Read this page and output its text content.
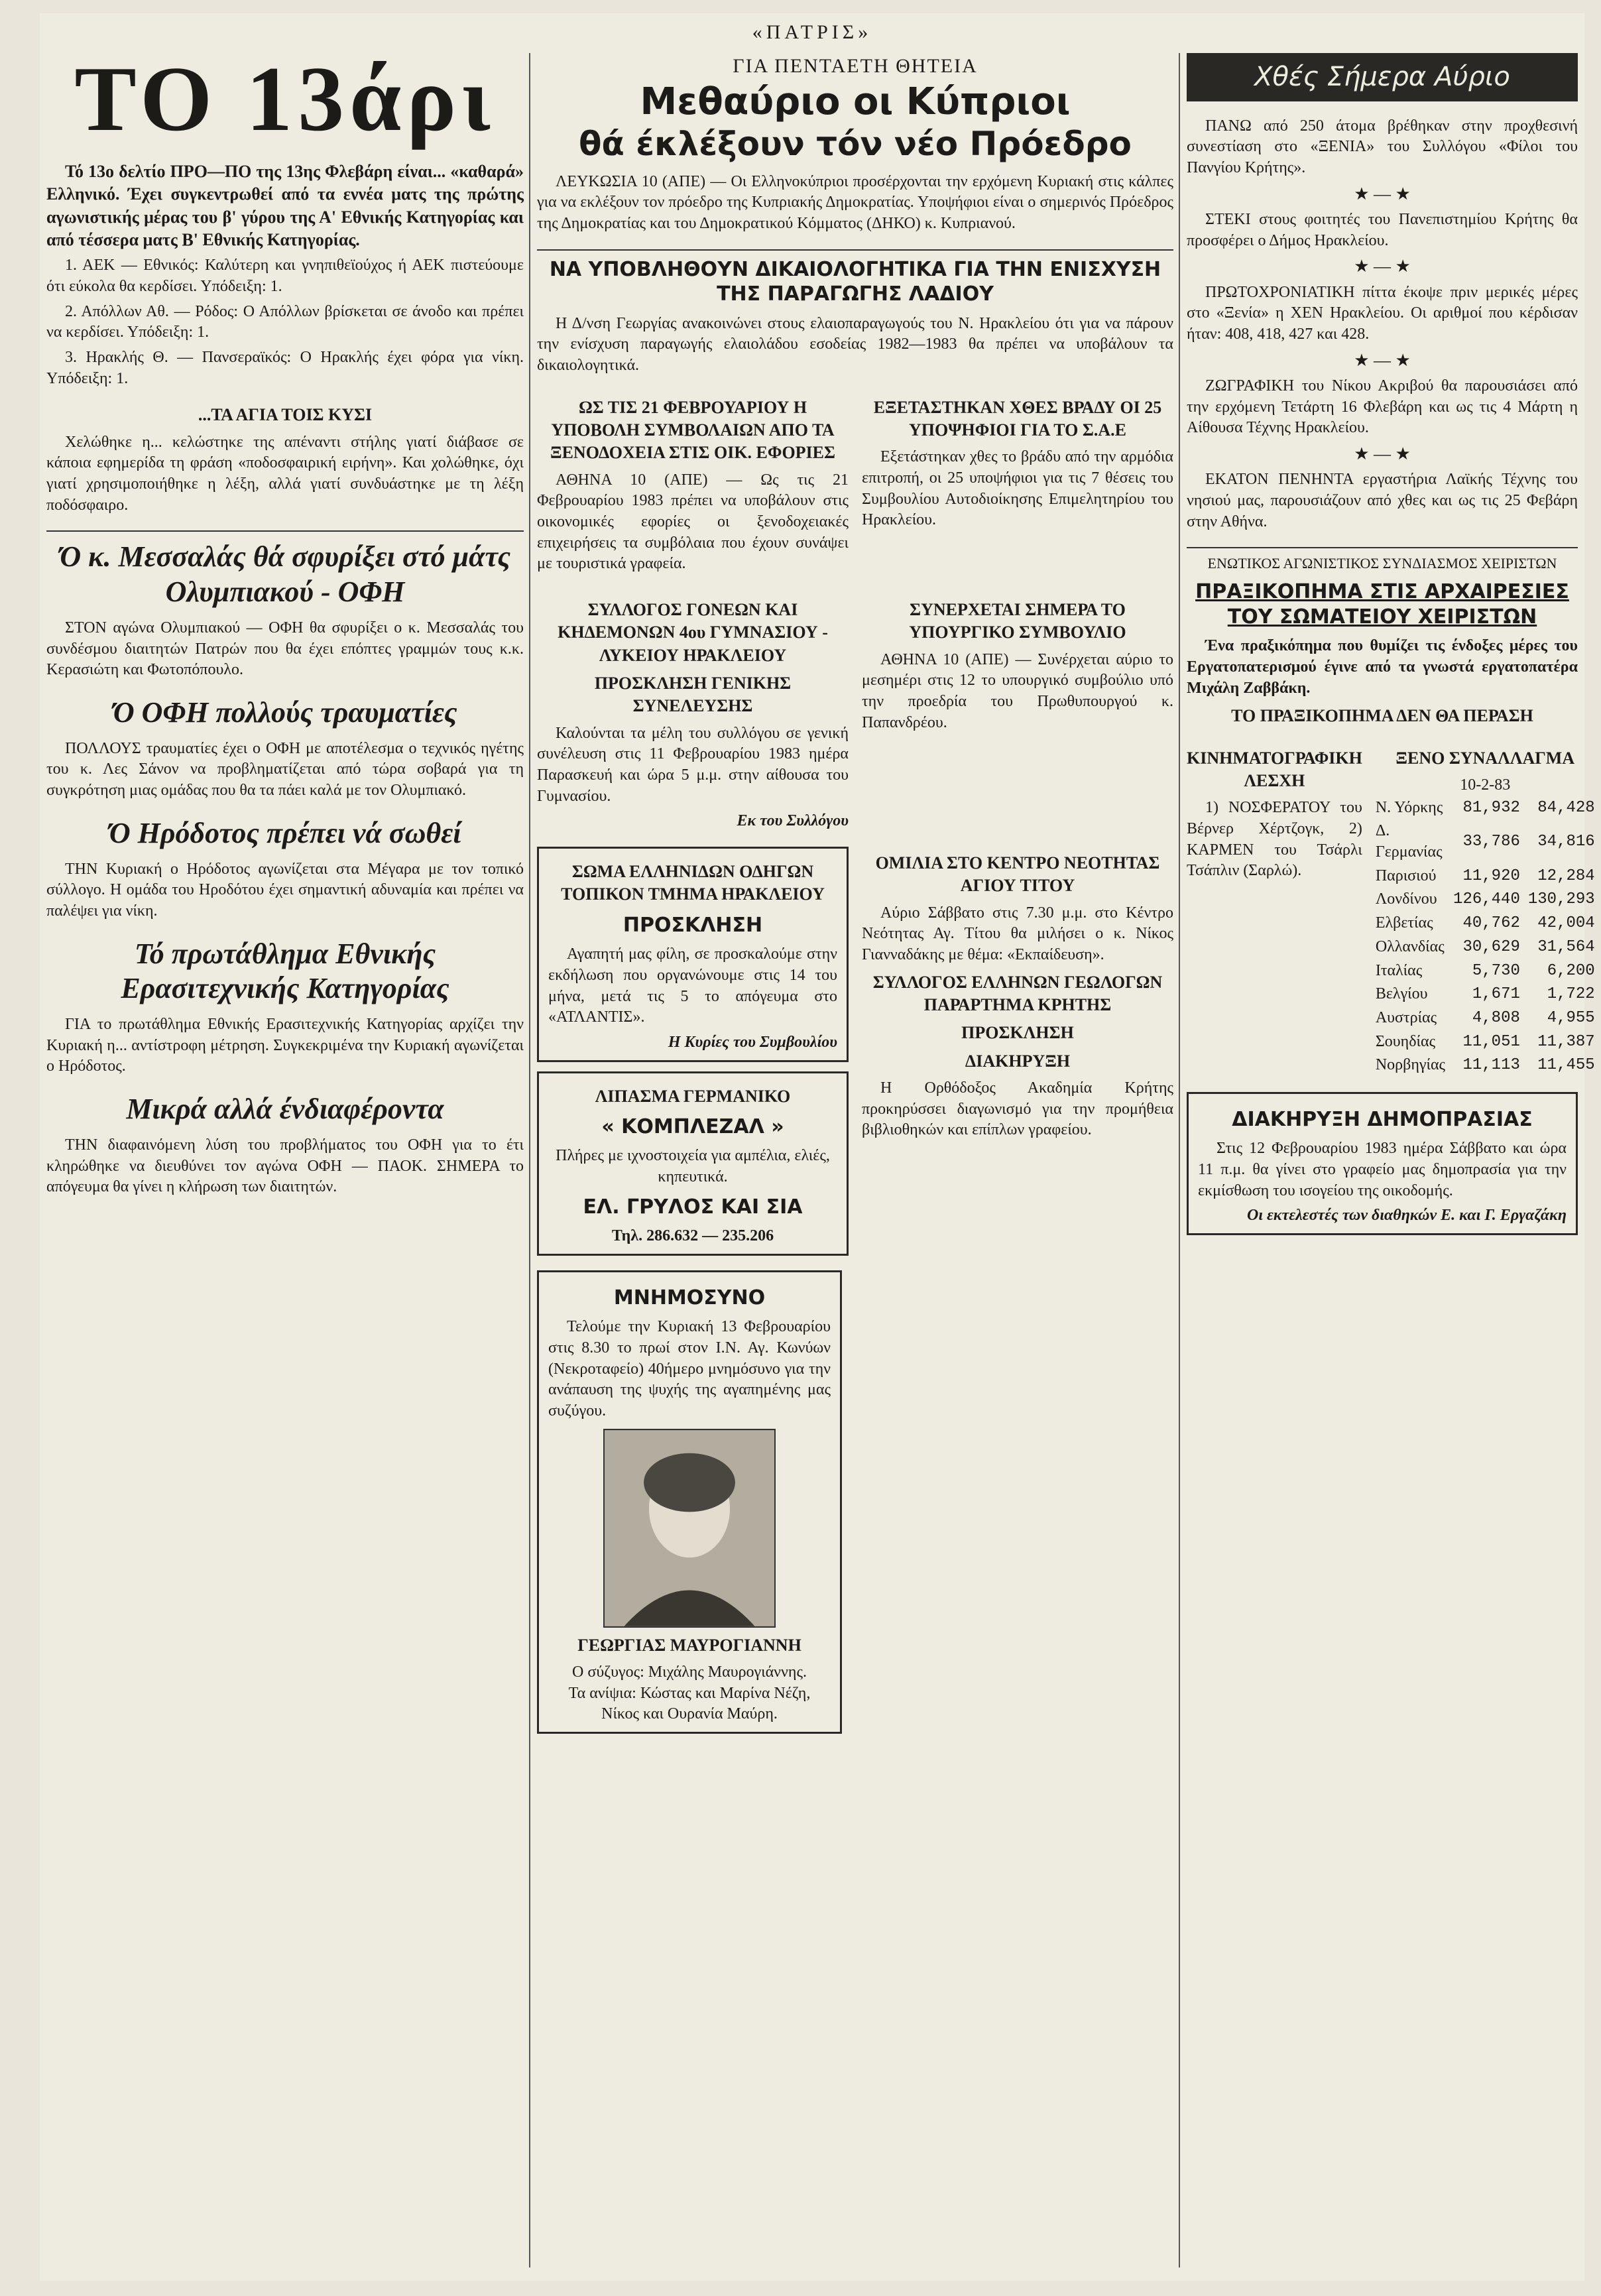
«ΠΑΤΡΙΣ»
ΤΟ 13άρι

Τό 13ο δελτίο ΠΡΟ—ΠΟ της 13ης Φλεβάρη είναι... «καθαρά» Ελληνικό. Έχει συγκεντρωθεί από τα εννέα ματς της πρώτης αγωνιστικής μέρας του β' γύρου της Α' Εθνικής Κατηγορίας και από τέσσερα ματς Β' Εθνικής Κατηγορίας.

1. ΑΕΚ — Εθνικός: Καλύτερη και γνηπιθεϊούχος ή ΑΕΚ πιστεύουμε ότι εύκολα θα κερδίσει. Υπόδειξη: 1.

2. Απόλλων Αθ. — Ρόδος: Ο Απόλλων βρίσκεται σε άνοδο και πρέπει να κερδίσει. Υπόδειξη: 1.

3. Ηρακλής Θ. — Πανσεραϊκός: Ο Ηρακλής έχει φόρα για νίκη. Υπόδειξη: 1.

...ΤΑ ΑΓΙΑ ΤΟΙΣ ΚΥΣΙ

Χελώθηκε η... κελώστηκε της απέναντι στήλης γιατί διάβασε σε κάποια εφημερίδα τη φράση «ποδοσφαιρική ειρήνη». Και χολώθηκε, όχι γιατί χρησιμοποιήθηκε η λέξη, αλλά γιατί συνδυάστηκε με τη λέξη ποδόσφαιρο.

Ό κ. Μεσσαλάς θά σφυρίξει στό μάτς Ολυμπιακού - ΟΦΗ

ΣΤΟΝ αγώνα Ολυμπιακού — ΟΦΗ θα σφυρίξει ο κ. Μεσσαλάς του συνδέσμου διαιτητών Πατρών που θα έχει επόπτες γραμμών τους κ.κ. Κερασιώτη και Φωτοπόπουλο.

Ό ΟΦΗ πολλούς τραυματίες

ΠΟΛΛΟΥΣ τραυματίες έχει ο ΟΦΗ με αποτέλεσμα ο τεχνικός ηγέτης του κ. Λες Σάνον να προβληματίζεται από τώρα σοβαρά για τη συγκρότηση μιας ομάδας που θα τα πάει καλά με τον Ολυμπιακό.

Ό Ηρόδοτος πρέπει νά σωθεί

ΤΗΝ Κυριακή ο Ηρόδοτος αγωνίζεται στα Μέγαρα με τον τοπικό σύλλογο. Η ομάδα του Ηροδότου έχει σημαντική αδυναμία και πρέπει να παλέψει για νίκη.

Τό πρωτάθλημα Εθνικής Ερασιτεχνικής Κατηγορίας

ΓΙΑ το πρωτάθλημα Εθνικής Ερασιτεχνικής Κατηγορίας αρχίζει την Κυριακή η... αντίστροφη μέτρηση. Συγκεκριμένα την Κυριακή αγωνίζεται ο Ηρόδοτος.

Μικρά αλλά ένδιαφέροντα

ΤΗΝ διαφαινόμενη λύση του προβλήματος του ΟΦΗ για το έτι κληρώθηκε να διευθύνει τον αγώνα ΟΦΗ — ΠΑΟΚ. ΣΗΜΕΡΑ το απόγευμα θα γίνει η κλήρωση των διαιτητών.

ΓΙΑ ΠΕΝΤΑΕΤΗ ΘΗΤΕΙΑ
Μεθαύριο οι Κύπριοι
θά έκλέξουν τόν νέο Πρόεδρο

ΛΕΥΚΩΣΙΑ 10 (ΑΠΕ) — Οι Ελληνοκύπριοι προσέρχονται την ερχόμενη Κυριακή στις κάλπες για να εκλέξουν τον πρόεδρο της Κυπριακής Δημοκρατίας. Υποψήφιοι είναι ο σημερινός Πρόεδρος της Δημοκρατίας και του Δημοκρατικού Κόμματος (ΔΗΚΟ) κ. Κυπριανού.

ΝΑ ΥΠΟΒΛΗΘΟΥΝ ΔΙΚΑΙΟΛΟΓΗΤΙΚΑ ΓΙΑ ΤΗΝ ΕΝΙΣΧΥΣΗ ΤΗΣ ΠΑΡΑΓΩΓΗΣ ΛΑΔΙΟΥ

Η Δ/νση Γεωργίας ανακοινώνει στους ελαιοπαραγωγούς του Ν. Ηρακλείου ότι για να πάρουν την ενίσχυση παραγωγής ελαιολάδου εσοδείας 1982—1983 θα πρέπει να υποβάλουν τα δικαιολογητικά.

ΩΣ ΤΙΣ 21 ΦΕΒΡΟΥΑΡΙΟΥ Η ΥΠΟΒΟΛΗ ΣΥΜΒΟΛΑΙΩΝ ΑΠΟ ΤΑ ΞΕΝΟΔΟΧΕΙΑ ΣΤΙΣ ΟΙΚ. ΕΦΟΡΙΕΣ

ΑΘΗΝΑ 10 (ΑΠΕ) — Ως τις 21 Φεβρουαρίου 1983 πρέπει να υποβάλουν στις οικονομικές εφορίες οι ξενοδοχειακές επιχειρήσεις τα συμβόλαια που έχουν συνάψει με τουριστικά γραφεία.

ΕΞΕΤΑΣΤΗΚΑΝ ΧΘΕΣ ΒΡΑΔΥ ΟΙ 25 ΥΠΟΨΗΦΙΟΙ ΓΙΑ ΤΟ Σ.Α.Ε

Εξετάστηκαν χθες το βράδυ από την αρμόδια επιτροπή, οι 25 υποψήφιοι για τις 7 θέσεις του Συμβουλίου Αυτοδιοίκησης Επιμελητηρίου του Ηρακλείου.

ΣΥΛΛΟΓΟΣ ΓΟΝΕΩΝ ΚΑΙ ΚΗΔΕΜΟΝΩΝ 4ου ΓΥΜΝΑΣΙΟΥ - ΛΥΚΕΙΟΥ ΗΡΑΚΛΕΙΟΥ
ΠΡΟΣΚΛΗΣΗ ΓΕΝΙΚΗΣ ΣΥΝΕΛΕΥΣΗΣ

Καλούνται τα μέλη του συλλόγου σε γενική συνέλευση στις 11 Φεβρουαρίου 1983 ημέρα Παρασκευή και ώρα 5 μ.μ. στην αίθουσα του Γυμνασίου.

Εκ του Συλλόγου
ΣΥΝΕΡΧΕΤΑΙ ΣΗΜΕΡΑ ΤΟ ΥΠΟΥΡΓΙΚΟ ΣΥΜΒΟΥΛΙΟ

ΑΘΗΝΑ 10 (ΑΠΕ) — Συνέρχεται αύριο το μεσημέρι στις 12 το υπουργικό συμβούλιο υπό την προεδρία του Πρωθυπουργού κ. Παπανδρέου.

ΣΩΜΑ ΕΛΛΗΝΙΔΩΝ ΟΔΗΓΩΝ ΤΟΠΙΚΟΝ ΤΜΗΜΑ ΗΡΑΚΛΕΙΟΥ
ΠΡΟΣΚΛΗΣΗ

Αγαπητή μας φίλη, σε προσκαλούμε στην εκδήλωση που οργανώνουμε στις 14 του μήνα, μετά τις 5 το απόγευμα στο «ΑΤΛΑΝΤΙΣ».

Η Κυρίες του Συμβουλίου
ΛΙΠΑΣΜΑ ΓΕΡΜΑΝΙΚΟ
« ΚΟΜΠΛΕΖΑΛ »
Πλήρες με ιχνοστοιχεία για αμπέλια, ελιές, κηπευτικά.
ΕΛ. ΓΡΥΛΟΣ ΚΑΙ ΣΙΑ
Τηλ. 286.632 — 235.206
ΟΜΙΛΙΑ ΣΤΟ ΚΕΝΤΡΟ ΝΕΟΤΗΤΑΣ ΑΓΙΟΥ ΤΙΤΟΥ

Αύριο Σάββατο στις 7.30 μ.μ. στο Κέντρο Νεότητας Αγ. Τίτου θα μιλήσει ο κ. Νίκος Γιανναδάκης με θέμα: «Εκπαίδευση».

ΣΥΛΛΟΓΟΣ ΕΛΛΗΝΩΝ ΓΕΩΛΟΓΩΝ ΠΑΡΑΡΤΗΜΑ ΚΡΗΤΗΣ
ΠΡΟΣΚΛΗΣΗ
ΔΙΑΚΗΡΥΞΗ

Η Ορθόδοξος Ακαδημία Κρήτης προκηρύσσει διαγωνισμό για την προμήθεια βιβλιοθηκών και επίπλων γραφείου.

ΜΝΗΜΟΣΥΝΟ

Τελούμε την Κυριακή 13 Φεβρουαρίου στις 8.30 το πρωί στον Ι.Ν. Αγ. Κωνύων (Νεκροταφείο) 40ήμερο μνημόσυνο για την ανάπαυση της ψυχής της αγαπημένης μας συζύγου.

ΓΕΩΡΓΙΑΣ ΜΑΥΡΟΓΙΑΝΝΗ
Ο σύζυγος: Μιχάλης Μαυρογιάννης.
Τα ανίψια: Κώστας και Μαρίνα Νέζη, Νίκος και Ουρανία Μαύρη.
Χθές Σήμερα Αύριο

ΠΑΝΩ από 250 άτομα βρέθηκαν στην προχθεσινή συνεστίαση στο «ΞΕΝΙΑ» του Συλλόγου «Φίλοι του Πανγίου Κρήτης».

★ — ★

ΣΤΕΚΙ στους φοιτητές του Πανεπιστημίου Κρήτης θα προσφέρει ο Δήμος Ηρακλείου.

★ — ★

ΠΡΩΤΟΧΡΟΝΙΑΤΙΚΗ πίττα έκοψε πριν μερικές μέρες στο «Ξενία» η ΧΕΝ Ηρακλείου. Οι αριθμοί που κέρδισαν ήταν: 408, 418, 427 και 428.

★ — ★

ΖΩΓΡΑΦΙΚΗ του Νίκου Ακριβού θα παρουσιάσει από την ερχόμενη Τετάρτη 16 Φλεβάρη και ως τις 4 Μάρτη η Αίθουσα Τέχνης Ηρακλείου.

★ — ★

ΕΚΑΤΟΝ ΠΕΝΗΝΤΑ εργαστήρια Λαϊκής Τέχνης του νησιού μας, παρουσιάζουν από χθες και ως τις 25 Φεβάρη στην Αθήνα.

ΕΝΩΤΙΚΟΣ ΑΓΩΝΙΣΤΙΚΟΣ ΣΥΝΔΙΑΣΜΟΣ ΧΕΙΡΙΣΤΩΝ
ΠΡΑΞΙΚΟΠΗΜΑ ΣΤΙΣ ΑΡΧΑΙΡΕΣΙΕΣ ΤΟΥ ΣΩΜΑΤΕΙΟΥ ΧΕΙΡΙΣΤΩΝ

Ένα πραξικόπημα που θυμίζει τις ένδοξες μέρες του Εργατοπατερισμού έγινε από τα γνωστά εργατοπατέρα Μιχάλη Ζαββάκη.

ΤΟ ΠΡΑΞΙΚΟΠΗΜΑ ΔΕΝ ΘΑ ΠΕΡΑΣΗ
ΚΙΝΗΜΑΤΟΓΡΑΦΙΚΗ ΛΕΣΧΗ

1) ΝΟΣΦΕΡΑΤΟΥ του Βέρνερ Χέρτζογκ, 2) ΚΑΡΜΕΝ του Τσάρλι Τσάπλιν (Σαρλώ).

ΞΕΝΟ ΣΥΝΑΛΛΑΓΜΑ
10-2-83
Ν. Υόρκης	81,932	84,428
Δ. Γερμανίας	33,786	34,816
Παρισιού	11,920	12,284
Λονδίνου	126,440	130,293
Ελβετίας	40,762	42,004
Ολλανδίας	30,629	31,564
Ιταλίας	5,730	6,200
Βελγίου	1,671	1,722
Αυστρίας	4,808	4,955
Σουηδίας	11,051	11,387
Νορβηγίας	11,113	11,455
ΔΙΑΚΗΡΥΞΗ ΔΗΜΟΠΡΑΣΙΑΣ

Στις 12 Φεβρουαρίου 1983 ημέρα Σάββατο και ώρα 11 π.μ. θα γίνει στο γραφείο μας δημοπρασία για την εκμίσθωση του ισογείου της οικοδομής.

Οι εκτελεστές των διαθηκών Ε. και Γ. Εργαζάκη
